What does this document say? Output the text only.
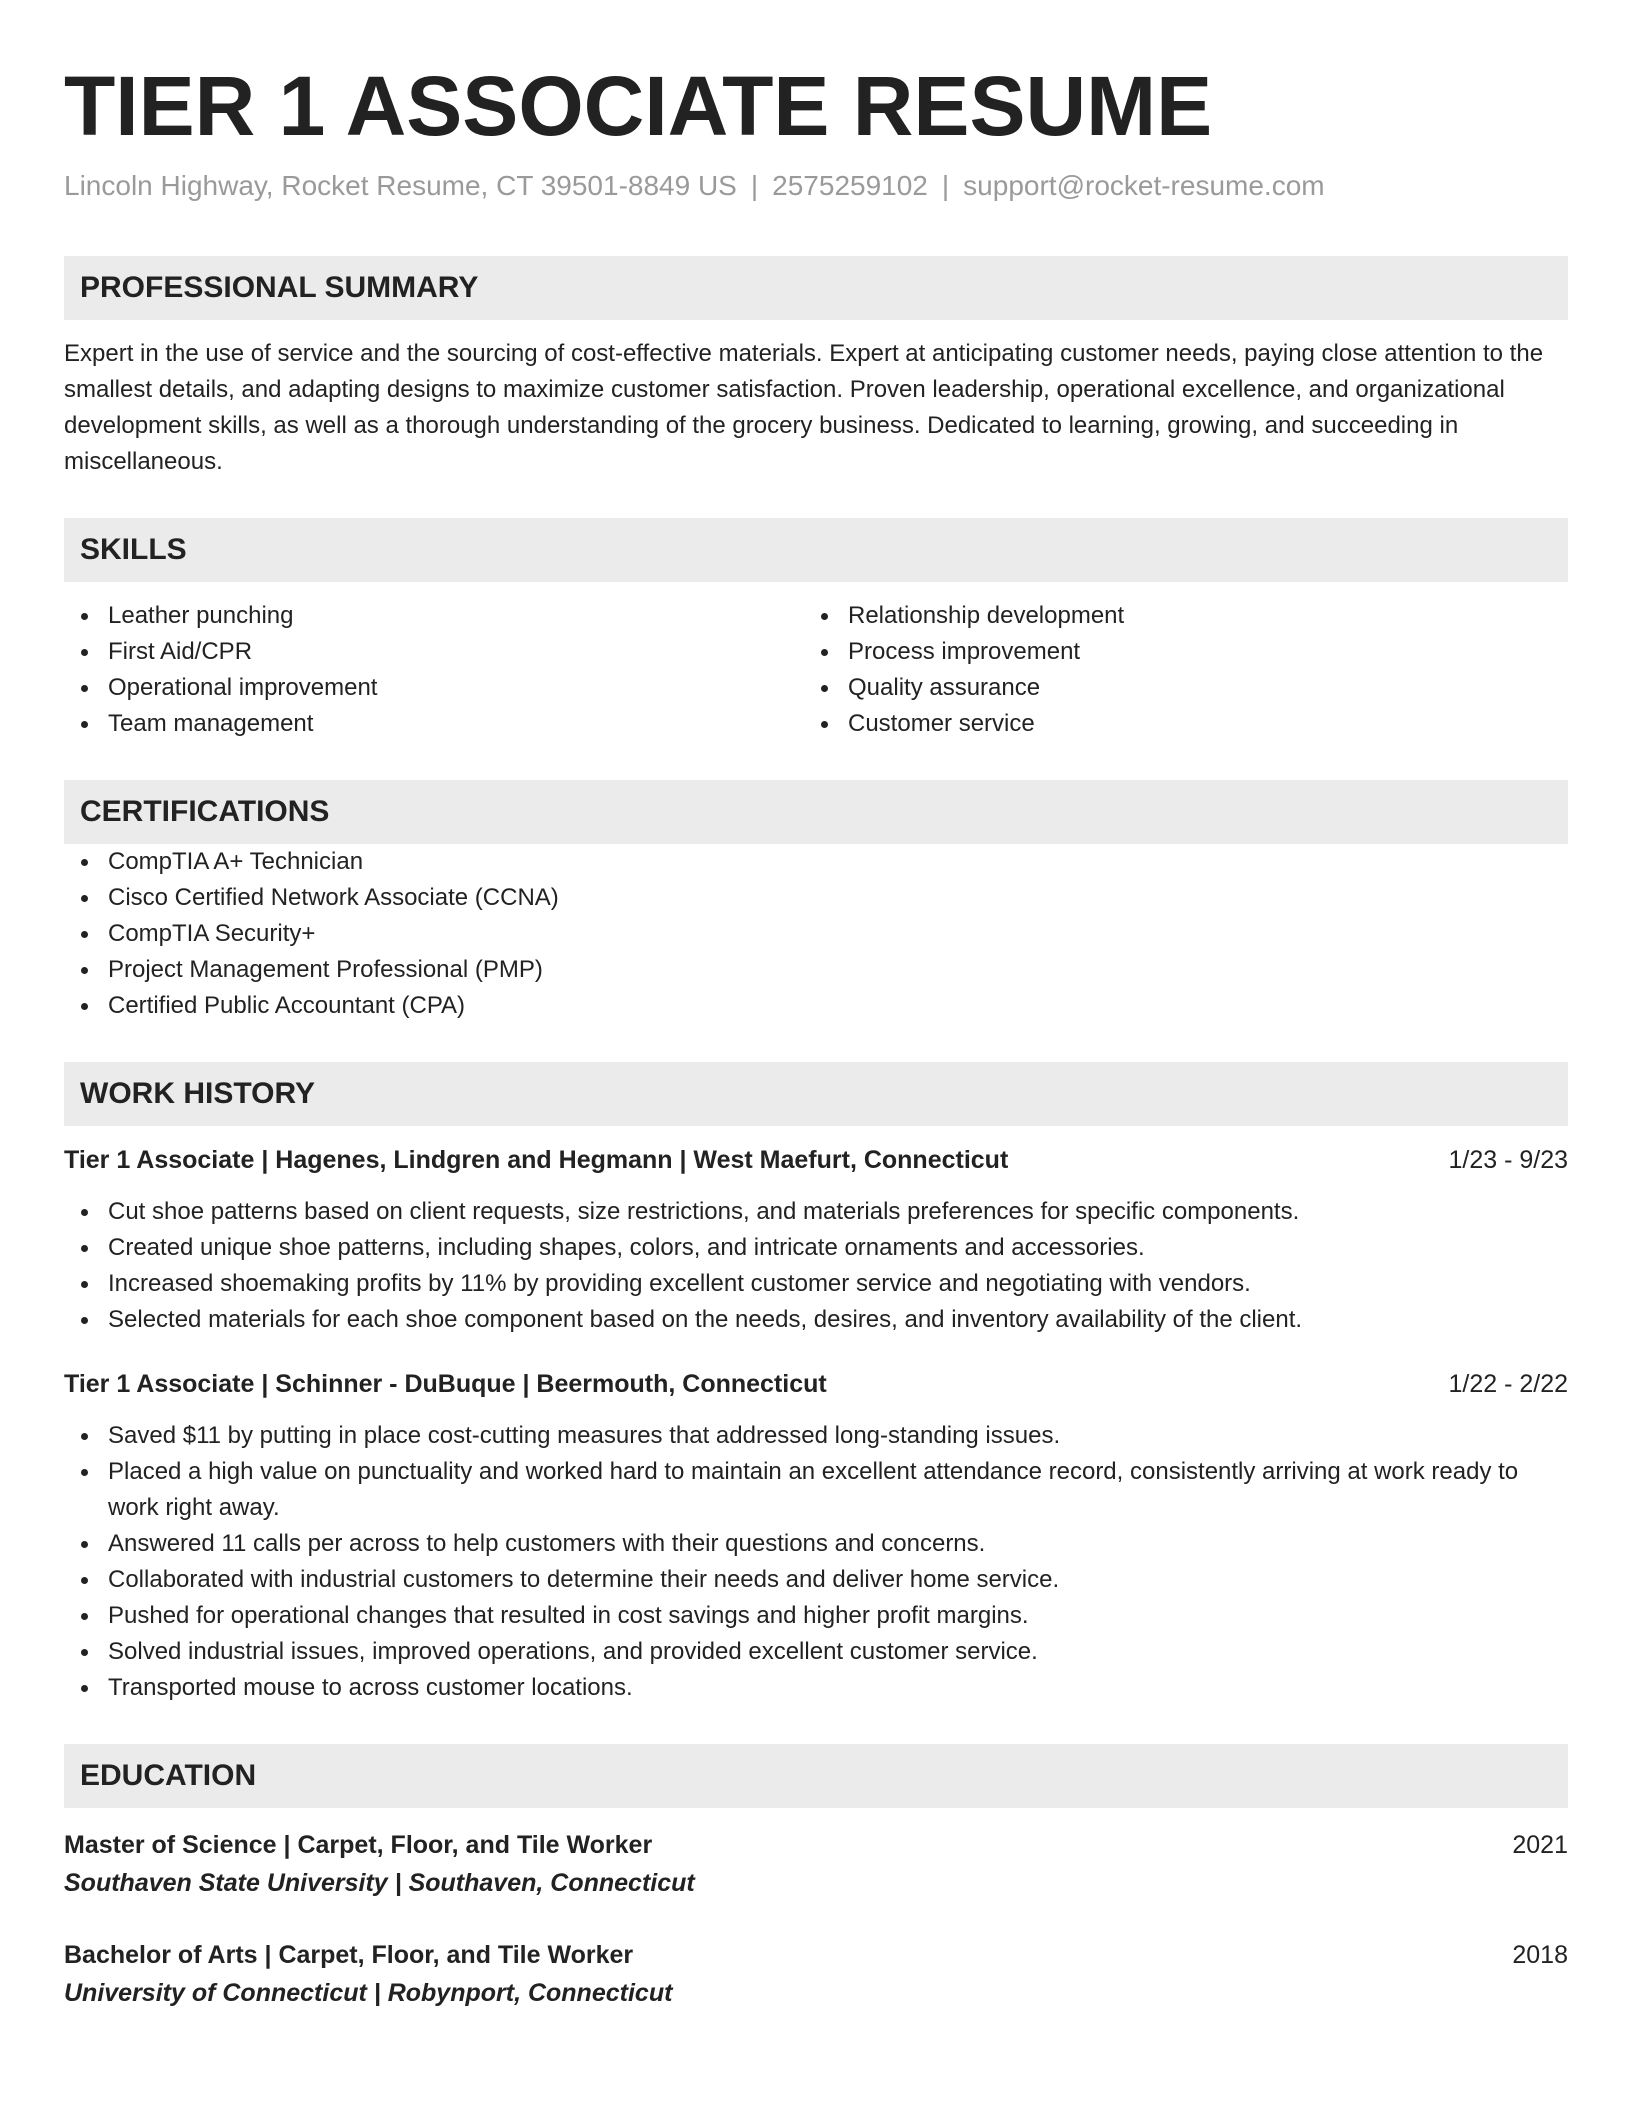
TIER 1 ASSOCIATE RESUME
Lincoln Highway, Rocket Resume, CT 39501-8849 US | 2575259102 | support@rocket-resume.com
PROFESSIONAL SUMMARY
Expert in the use of service and the sourcing of cost-effective materials. Expert at anticipating customer needs, paying close attention to the smallest details, and adapting designs to maximize customer satisfaction. Proven leadership, operational excellence, and organizational development skills, as well as a thorough understanding of the grocery business. Dedicated to learning, growing, and succeeding in miscellaneous.
SKILLS
Leather punching
First Aid/CPR
Operational improvement
Team management
Relationship development
Process improvement
Quality assurance
Customer service
CERTIFICATIONS
CompTIA A+ Technician
Cisco Certified Network Associate (CCNA)
CompTIA Security+
Project Management Professional (PMP)
Certified Public Accountant (CPA)
WORK HISTORY
Tier 1 Associate | Hagenes, Lindgren and Hegmann | West Maefurt, Connecticut	1/23 - 9/23
Cut shoe patterns based on client requests, size restrictions, and materials preferences for specific components.
Created unique shoe patterns, including shapes, colors, and intricate ornaments and accessories.
Increased shoemaking profits by 11% by providing excellent customer service and negotiating with vendors.
Selected materials for each shoe component based on the needs, desires, and inventory availability of the client.
Tier 1 Associate | Schinner - DuBuque | Beermouth, Connecticut	1/22 - 2/22
Saved $11 by putting in place cost-cutting measures that addressed long-standing issues.
Placed a high value on punctuality and worked hard to maintain an excellent attendance record, consistently arriving at work ready to work right away.
Answered 11 calls per across to help customers with their questions and concerns.
Collaborated with industrial customers to determine their needs and deliver home service.
Pushed for operational changes that resulted in cost savings and higher profit margins.
Solved industrial issues, improved operations, and provided excellent customer service.
Transported mouse to across customer locations.
EDUCATION
Master of Science | Carpet, Floor, and Tile Worker	2021
Southaven State University | Southaven, Connecticut
Bachelor of Arts | Carpet, Floor, and Tile Worker	2018
University of Connecticut | Robynport, Connecticut
